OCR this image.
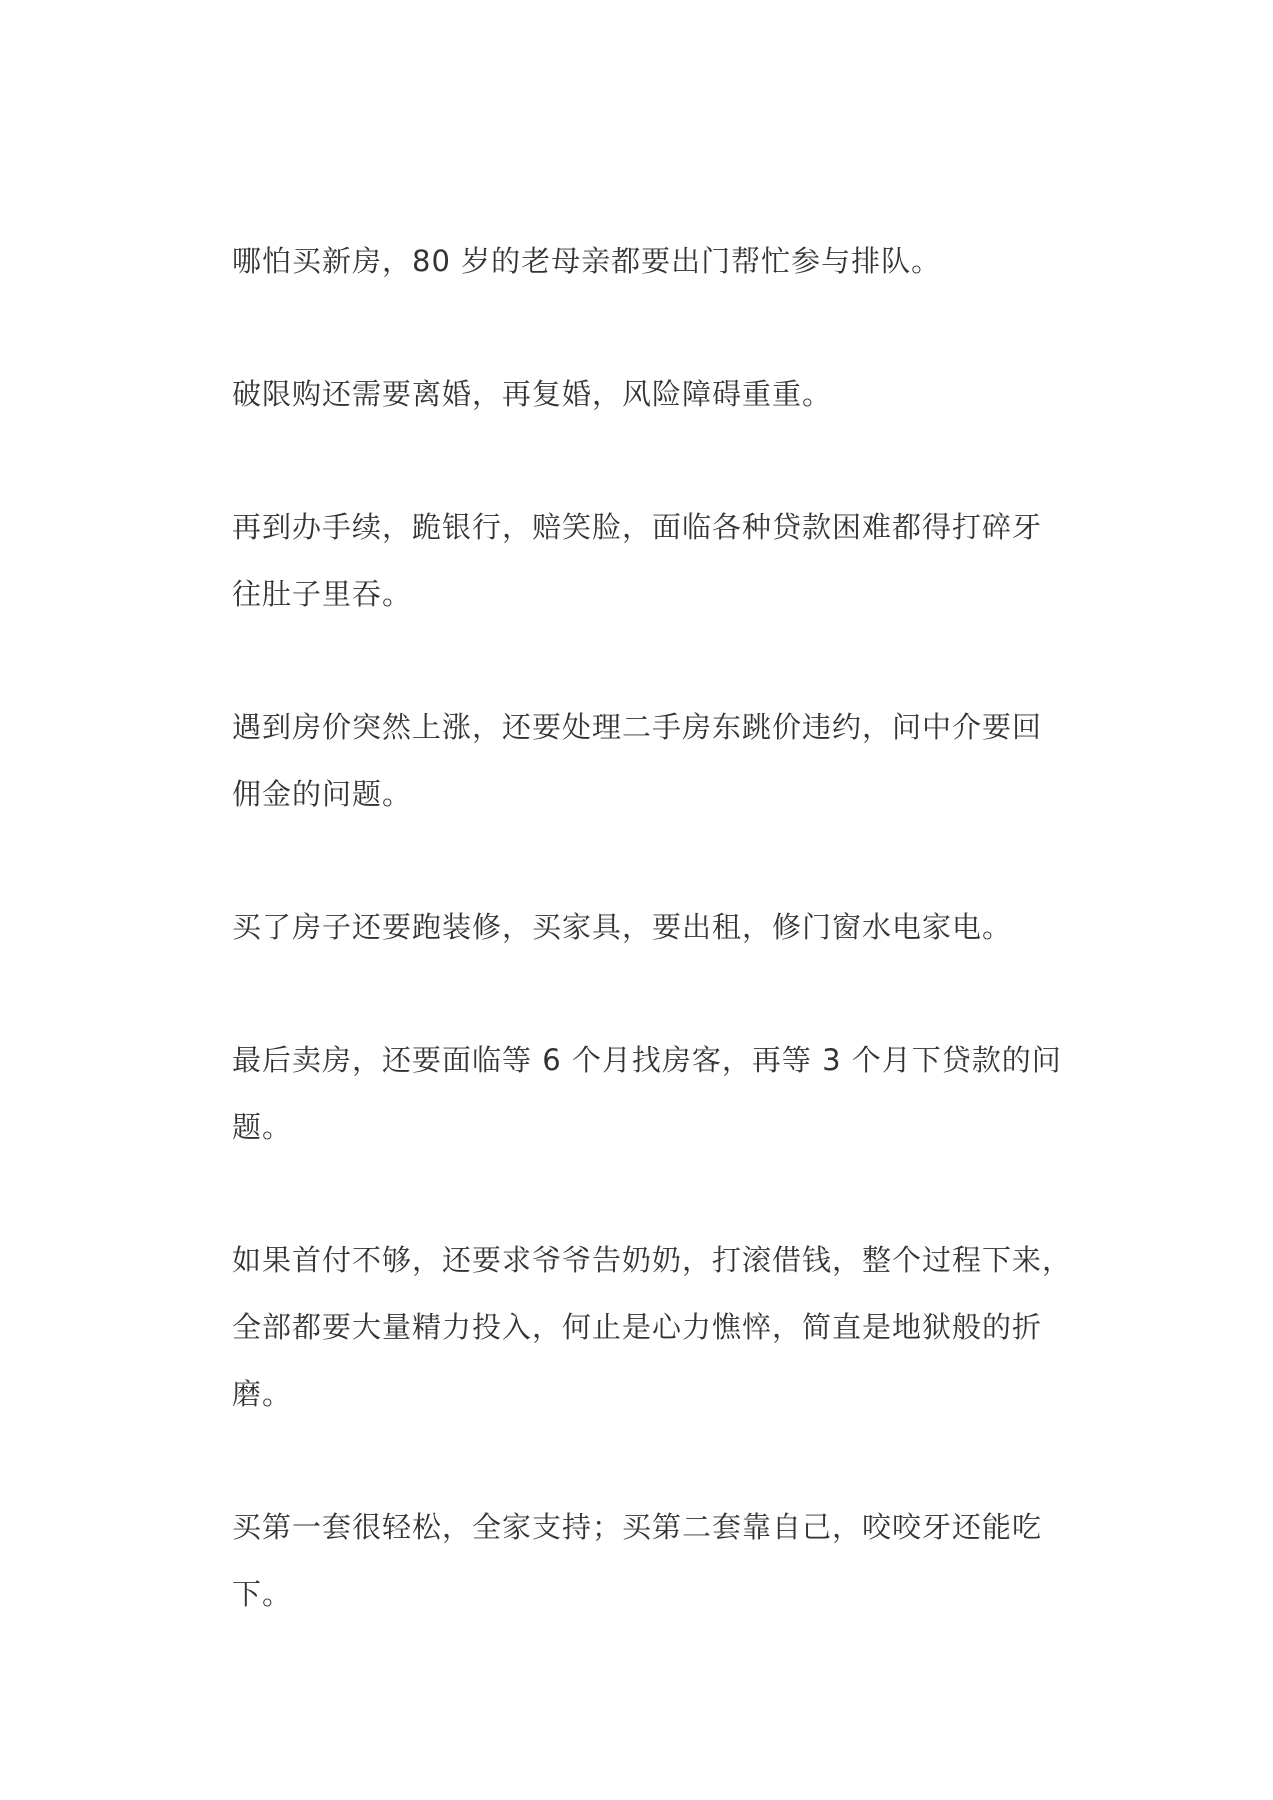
哪怕买新房，80 岁的老母亲都要出门帮忙参与排队。

破限购还需要离婚，再复婚，风险障碍重重。

再到办手续，跪银行，赔笑脸，面临各种贷款困难都得打碎牙
往肚子里吞。

遇到房价突然上涨，还要处理二手房东跳价违约，问中介要回
佣金的问题。

买了房子还要跑装修，买家具，要出租，修门窗水电家电。

最后卖房，还要面临等 6 个月找房客，再等 3 个月下贷款的问
题。

如果首付不够，还要求爷爷告奶奶，打滚借钱，整个过程下来，
全部都要大量精力投入，何止是心力憔悴，简直是地狱般的折
磨。

买第一套很轻松，全家支持；买第二套靠自己，咬咬牙还能吃
下。
